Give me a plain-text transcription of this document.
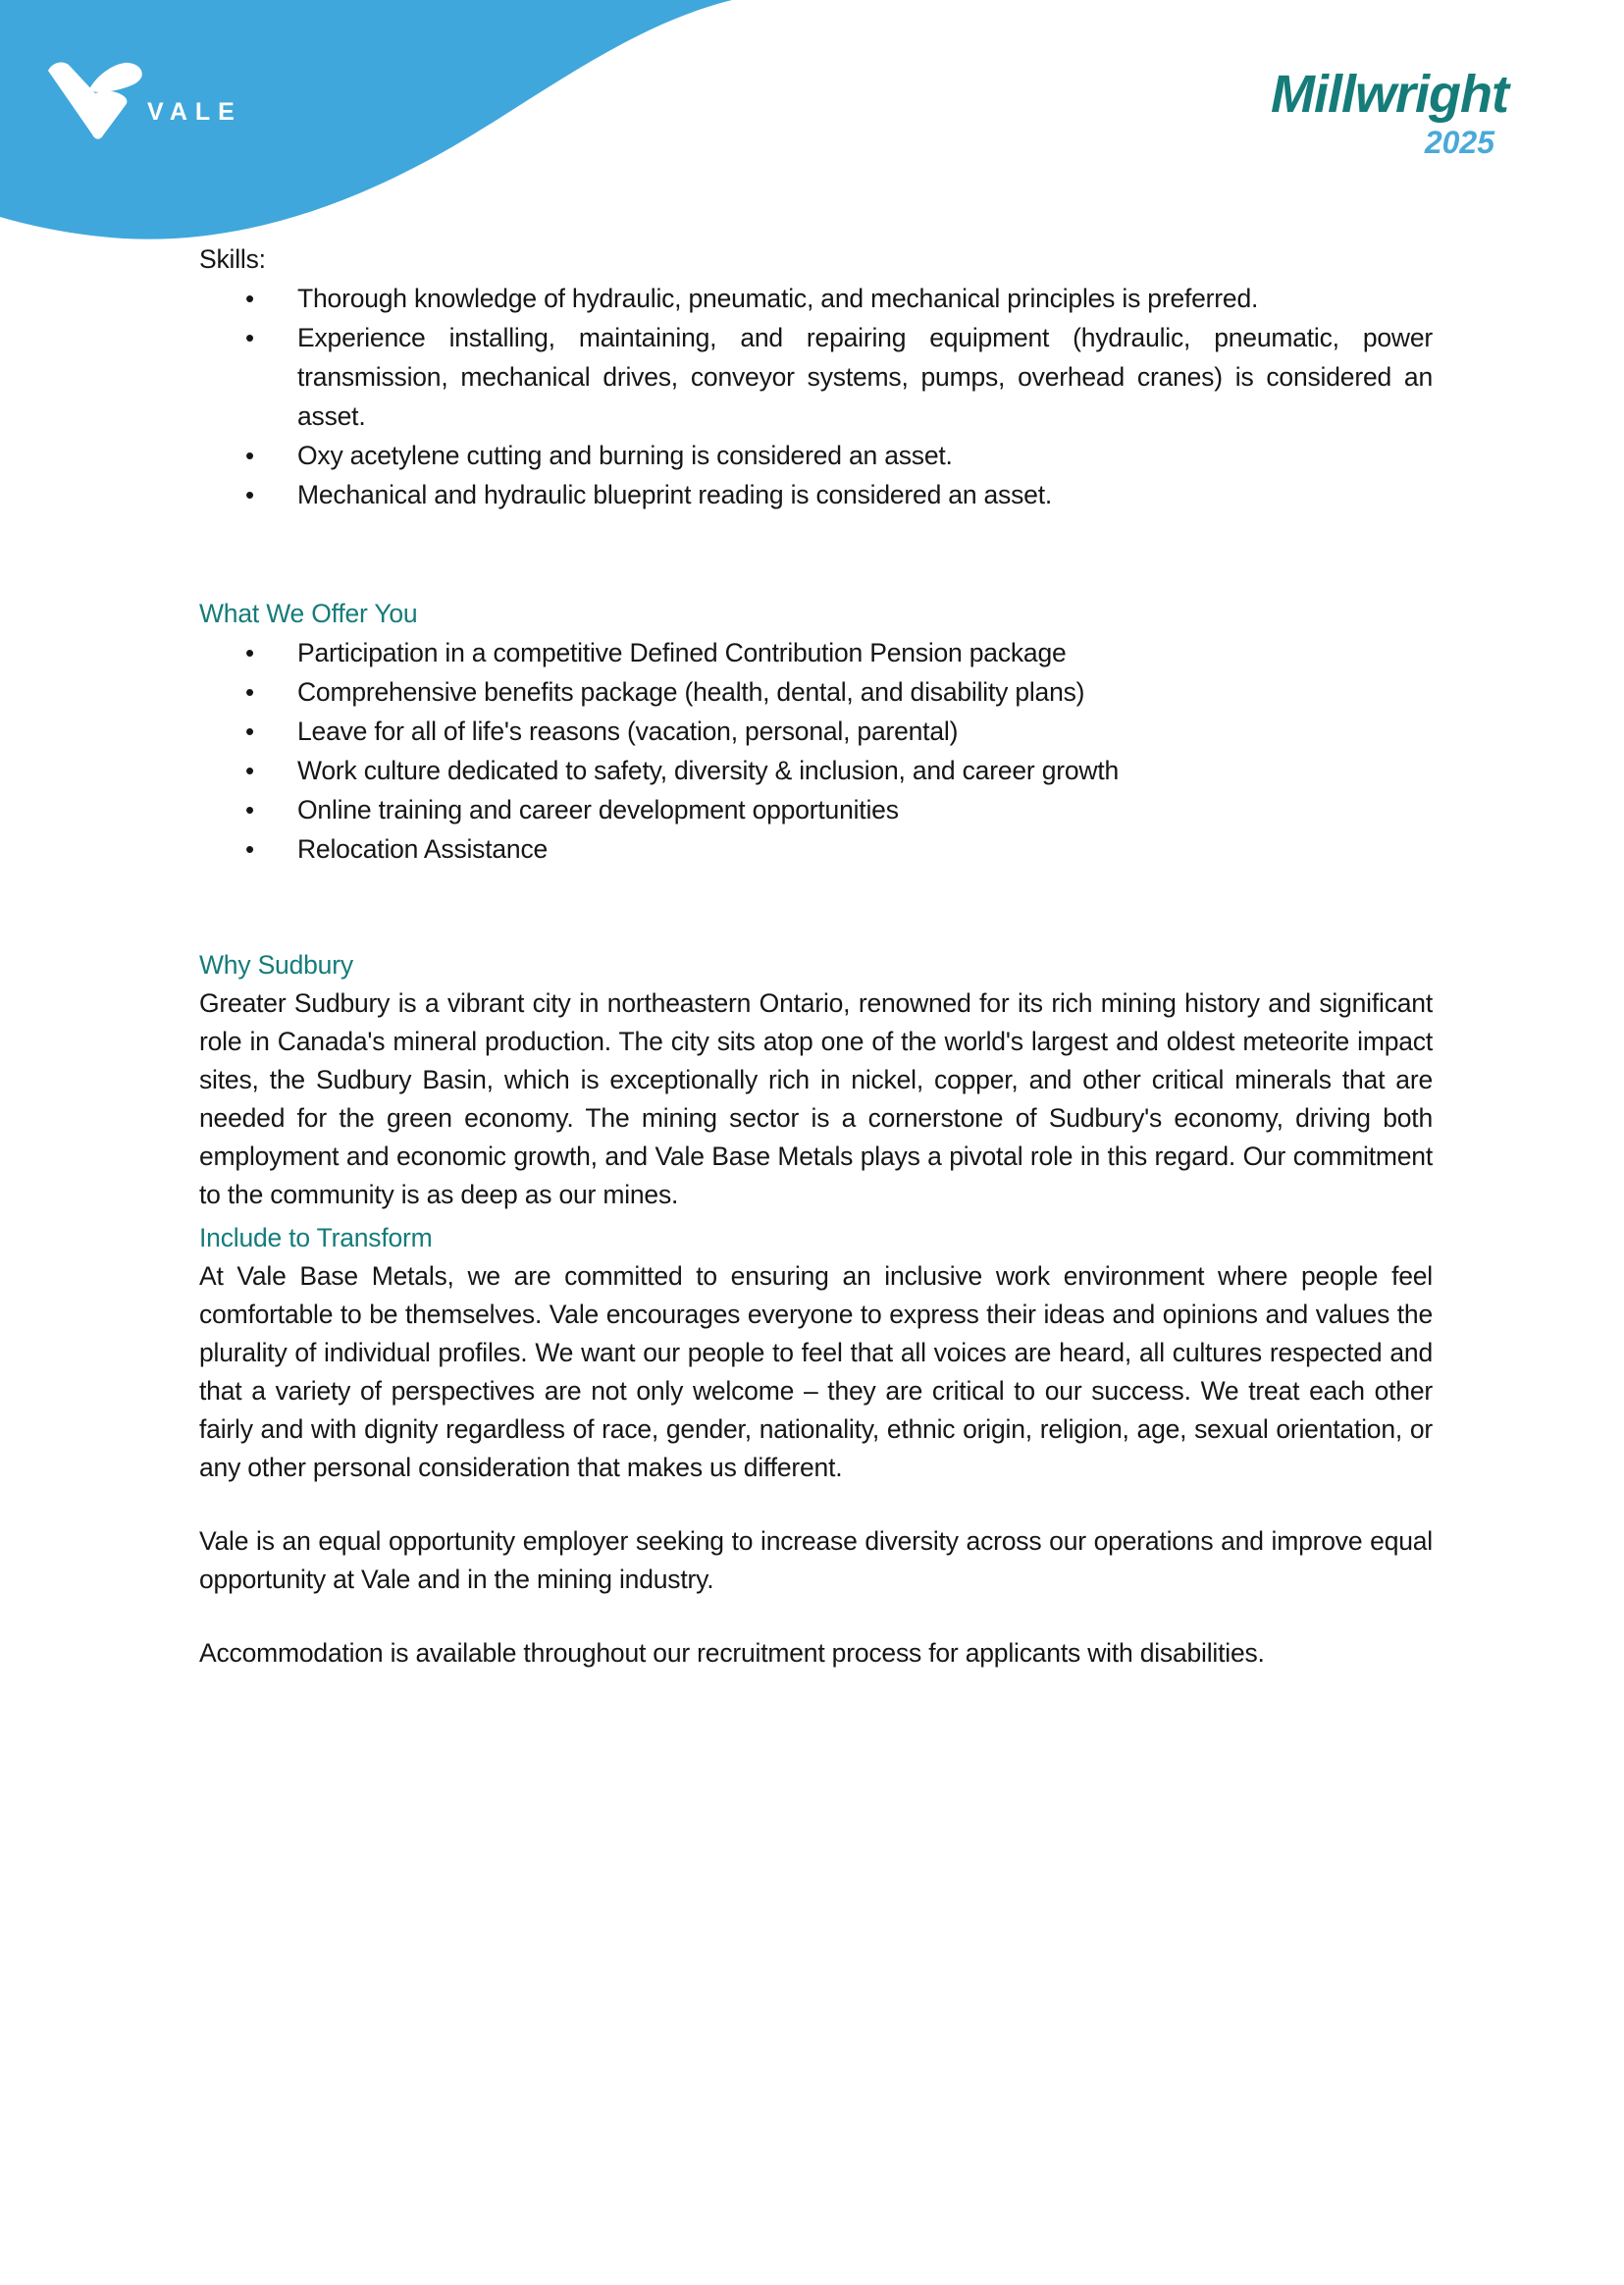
VALE	Millwright
2025
Skills:
• Thorough knowledge of hydraulic, pneumatic, and mechanical principles is preferred.
• Experience installing, maintaining, and repairing equipment (hydraulic, pneumatic, power transmission, mechanical drives, conveyor systems, pumps, overhead cranes) is considered an asset.
• Oxy acetylene cutting and burning is considered an asset.
• Mechanical and hydraulic blueprint reading is considered an asset.
What We Offer You
• Participation in a competitive Defined Contribution Pension package
• Comprehensive benefits package (health, dental, and disability plans)
• Leave for all of life's reasons (vacation, personal, parental)
• Work culture dedicated to safety, diversity & inclusion, and career growth
• Online training and career development opportunities
• Relocation Assistance
Why Sudbury

Greater Sudbury is a vibrant city in northeastern Ontario, renowned for its rich mining history and significant role in Canada's mineral production. The city sits atop one of the world's largest and oldest meteorite impact sites, the Sudbury Basin, which is exceptionally rich in nickel, copper, and other critical minerals that are needed for the green economy. The mining sector is a cornerstone of Sudbury's economy, driving both employment and economic growth, and Vale Base Metals plays a pivotal role in this regard. Our commitment to the community is as deep as our mines.

Include to Transform

At Vale Base Metals, we are committed to ensuring an inclusive work environment where people feel comfortable to be themselves. Vale encourages everyone to express their ideas and opinions and values the plurality of individual profiles. We want our people to feel that all voices are heard, all cultures respected and that a variety of perspectives are not only welcome – they are critical to our success. We treat each other fairly and with dignity regardless of race, gender, nationality, ethnic origin, religion, age, sexual orientation, or any other personal consideration that makes us different.

Vale is an equal opportunity employer seeking to increase diversity across our operations and improve equal opportunity at Vale and in the mining industry.

Accommodation is available throughout our recruitment process for applicants with disabilities.
